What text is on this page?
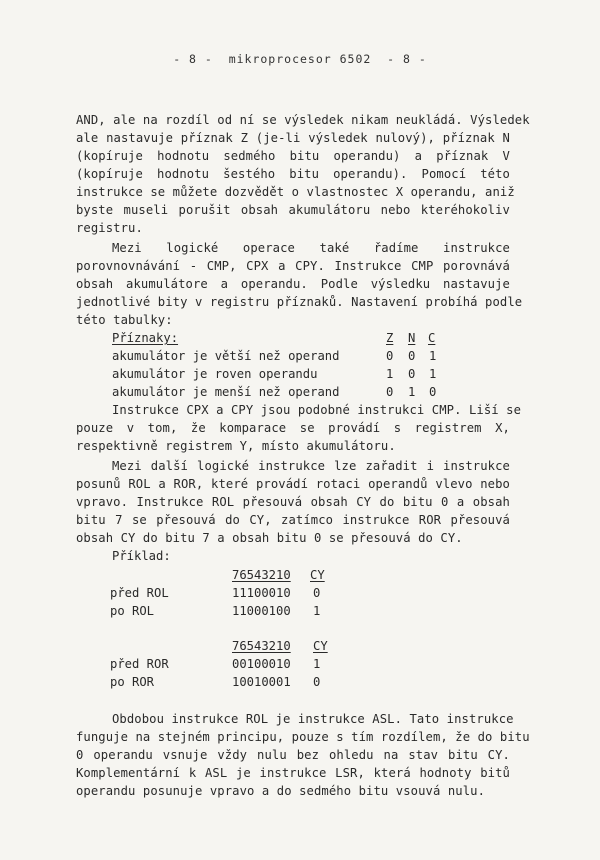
- 8 - mikroprocesor 6502 - 8 -
AND, ale na rozdíl od ní se výsledek nikam neukládá. Výsledek
ale nastavuje příznak Z (je-li výsledek nulový), příznak N
(kopíruje hodnotu sedmého bitu operandu) a příznak V
(kopíruje hodnotu šestého bitu operandu). Pomocí této
instrukce se můžete dozvědět o vlastnostec X operandu, aniž
byste museli porušit obsah akumulátoru nebo kteréhokoliv
registru.
Mezi logické operace také řadíme instrukce
porovnovnávání - CMP, CPX a CPY. Instrukce CMP porovnává
obsah akumulátore a operandu. Podle výsledku nastavuje
jednotlivé bity v registru příznaků. Nastavení probíhá podle
této tabulky:
Příznaky:	Z N C
akumulátor je větší než operand	0 0 1
akumulátor je roven operandu	1 0 1
akumulátor je menší než operand	0 1 0
Instrukce CPX a CPY jsou podobné instrukci CMP. Liší se
pouze v tom, že komparace se provádí s registrem X,
respektivně registrem Y, místo akumulátoru.
Mezi další logické instrukce lze zařadit i instrukce
posunů ROL a ROR, které provádí rotaci operandů vlevo nebo
vpravo. Instrukce ROL přesouvá obsah CY do bitu 0 a obsah
bitu 7 se přesouvá do CY, zatímco instrukce ROR přesouvá
obsah CY do bitu 7 a obsah bitu 0 se přesouvá do CY.
Příklad:
76543210 CY
před ROL	11100010 0
po ROL	11000100 1
76543210 CY
před ROR	00100010 1
po ROR	10010001 0
Obdobou instrukce ROL je instrukce ASL. Tato instrukce
funguje na stejném principu, pouze s tím rozdílem, že do bitu
0 operandu vsnuje vždy nulu bez ohledu na stav bitu CY.
Komplementární k ASL je instrukce LSR, která hodnoty bitů
operandu posunuje vpravo a do sedmého bitu vsouvá nulu.
